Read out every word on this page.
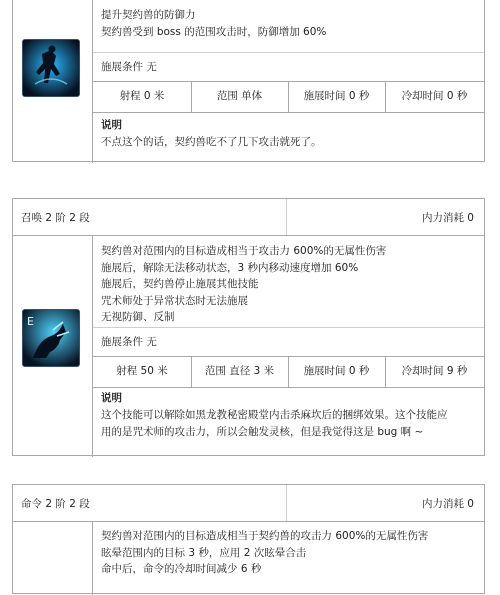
提升契约兽的防御力
契约兽受到 boss 的范围攻击时，防御增加 60%
施展条件 无
射程 0 米	范围 单体	施展时间 0 秒	冷却时间 0 秒
说明
不点这个的话，契约兽吃不了几下攻击就死了。
召唤 2 阶 2 段	内力消耗 0
E
契约兽对范围内的目标造成相当于攻击力 600%的无属性伤害
施展后，解除无法移动状态，3 秒内移动速度增加 60%
施展后，契约兽停止施展其他技能
咒术师处于异常状态时无法施展
无视防御、反制
施展条件 无
射程 50 米	范围 直径 3 米	施展时间 0 秒	冷却时间 9 秒
说明
这个技能可以解除如黑龙教秘密殿堂内击杀麻坎后的捆绑效果。这个技能应
用的是咒术师的攻击力，所以会触发灵核，但是我觉得这是 bug 啊 ~
命令 2 阶 2 段	内力消耗 0
契约兽对范围内的目标造成相当于契约兽的攻击力 600%的无属性伤害
眩晕范围内的目标 3 秒，应用 2 次眩晕合击
命中后，命令的冷却时间减少 6 秒
